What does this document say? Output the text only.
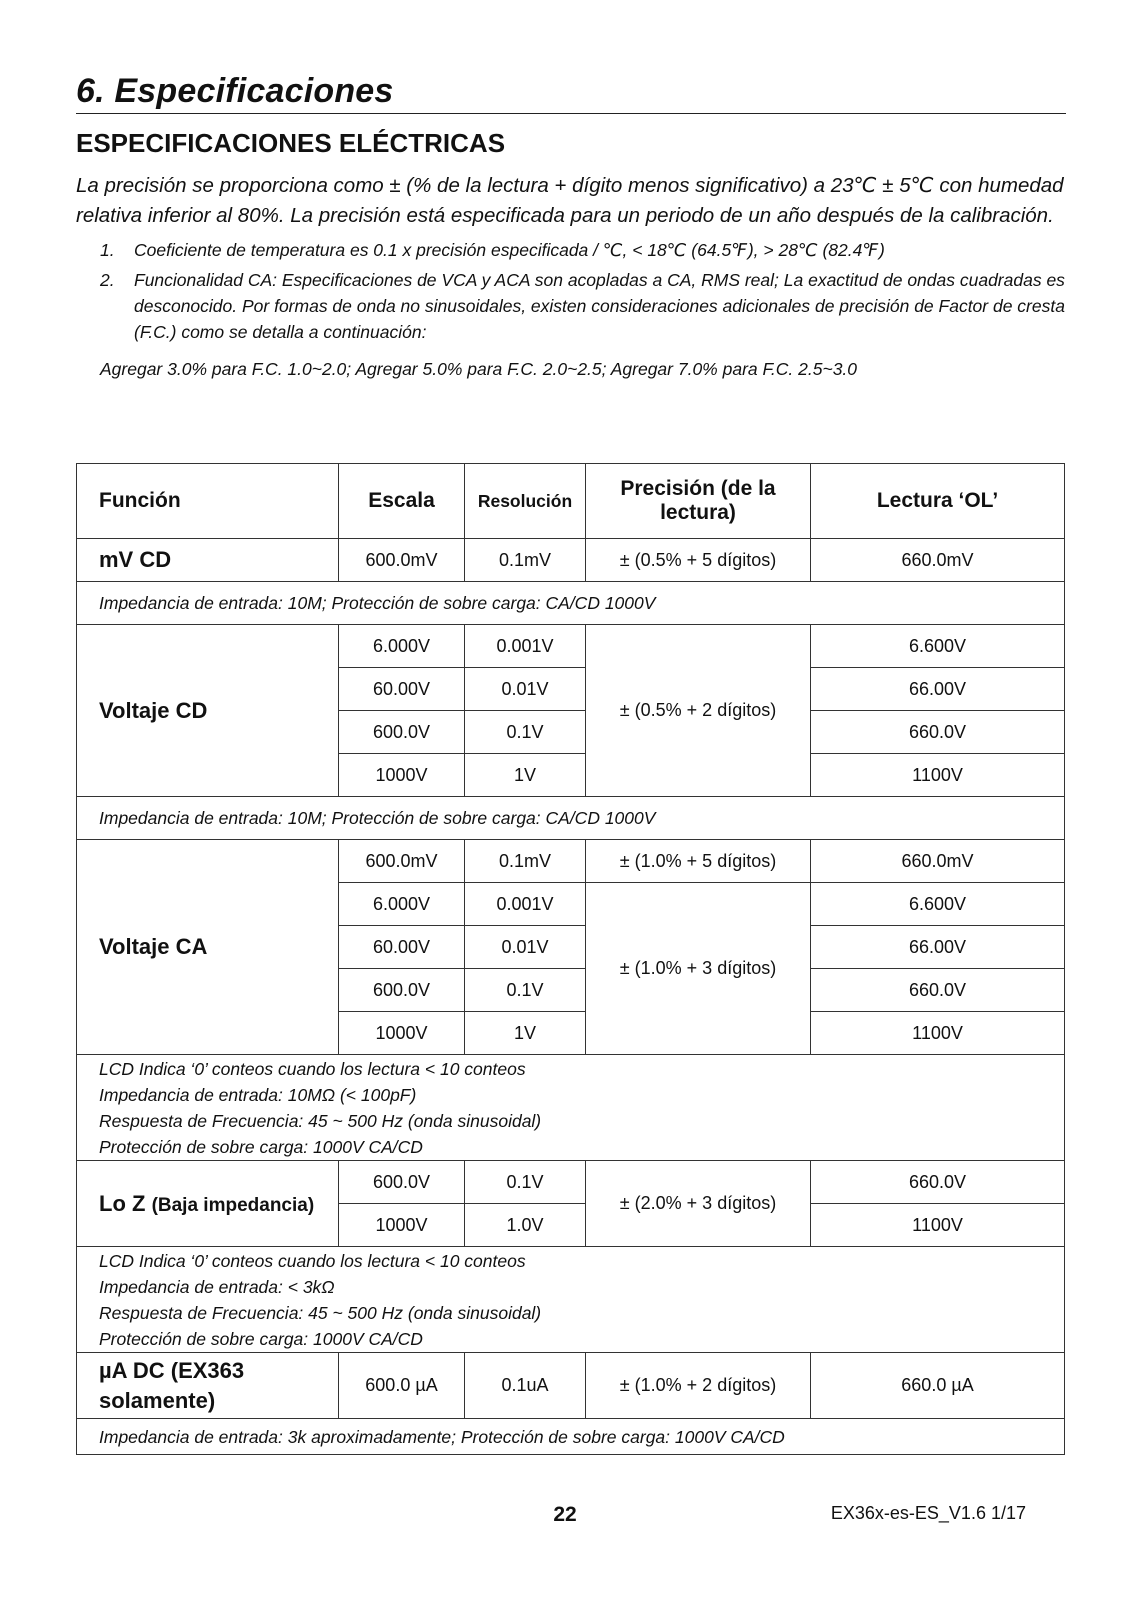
6. Especificaciones
ESPECIFICACIONES ELÉCTRICAS

La precisión se proporciona como ± (% de la lectura + dígito menos significativo) a 23℃ ± 5℃ con humedad relativa inferior al 80%. La precisión está especificada para un periodo de un año después de la calibración.

1. Coeficiente de temperatura es 0.1 x precisión especificada / ℃, < 18℃ (64.5℉), > 28℃ (82.4℉)
2. Funcionalidad CA: Especificaciones de VCA y ACA son acopladas a CA, RMS real; La exactitud de ondas cuadradas es desconocido. Por formas de onda no sinusoidales, existen consideraciones adicionales de precisión de Factor de cresta (F.C.) como se detalla a continuación:
Agregar 3.0% para F.C. 1.0~2.0; Agregar 5.0% para F.C. 2.0~2.5; Agregar 7.0% para F.C. 2.5~3.0
Función	Escala	Resolución	Precisión (de la lectura)	Lectura ‘OL’
mV CD	600.0mV	0.1mV	± (0.5% + 5 dígitos)	660.0mV
Impedancia de entrada: 10M; Protección de sobre carga: CA/CD 1000V				
Voltaje CD	6.000V	0.001V	± (0.5% + 2 dígitos)	6.600V
	60.00V	0.01V		66.00V
	600.0V	0.1V		660.0V
	1000V	1V		1100V
Impedancia de entrada: 10M; Protección de sobre carga: CA/CD 1000V				
Voltaje CA	600.0mV	0.1mV	± (1.0% + 5 dígitos)	660.0mV
	6.000V	0.001V	± (1.0% + 3 dígitos)	6.600V
	60.00V	0.01V		66.00V
	600.0V	0.1V		660.0V
	1000V	1V		1100V

LCD Indica ‘0’ conteos cuando los lectura < 10 conteos
Impedancia de entrada: 10MΩ (< 100pF)
Respuesta de Frecuencia: 45 ~ 500 Hz (onda sinusoidal)
Protección de sobre carga: 1000V CA/CD				

Lo Z (Baja impedancia)	600.0V	0.1V	± (2.0% + 3 dígitos)	660.0V
	1000V	1.0V		1100V

LCD Indica ‘0’ conteos cuando los lectura < 10 conteos
Impedancia de entrada: < 3kΩ
Respuesta de Frecuencia: 45 ~ 500 Hz (onda sinusoidal)
Protección de sobre carga: 1000V CA/CD				

µA DC (EX363
solamente)	600.0 µA	0.1uA	± (1.0% + 2 dígitos)	660.0 µA
Impedancia de entrada: 3k aproximadamente; Protección de sobre carga: 1000V CA/CD				
22	EX36x-es-ES_V1.6 1/17
